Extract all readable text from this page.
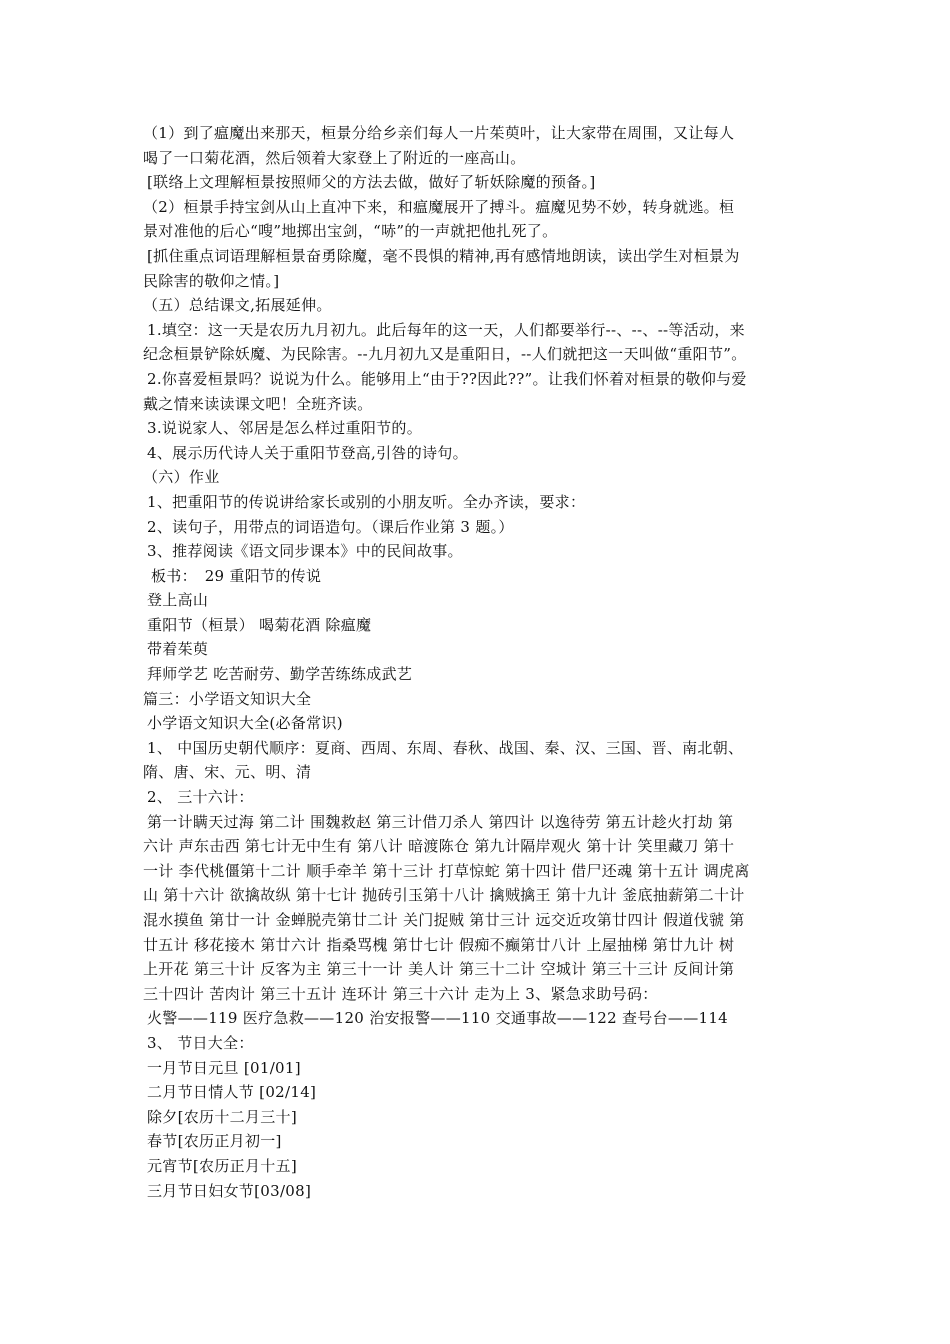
（1）到了瘟魔出来那天，桓景分给乡亲们每人一片茱萸叶，让大家带在周围，又让每人
喝了一口菊花酒，然后领着大家登上了附近的一座高山。
[联络上文理解桓景按照师父的方法去做，做好了斩妖除魔的预备。]
（2）桓景手持宝剑从山上直冲下来，和瘟魔展开了搏斗。瘟魔见势不妙，转身就逃。桓
景对准他的后心“嗖”地掷出宝剑，“哧”的一声就把他扎死了。
[抓住重点词语理解桓景奋勇除魔，毫不畏惧的精神,再有感情地朗读，读出学生对桓景为
民除害的敬仰之情。]
（五）总结课文,拓展延伸。
1.填空：这一天是农历九月初九。此后每年的这一天，人们都要举行--、--、--等活动，来
纪念桓景铲除妖魔、为民除害。--九月初九又是重阳日，--人们就把这一天叫做“重阳节”。
2.你喜爱桓景吗？说说为什么。能够用上“由于??因此??”。让我们怀着对桓景的敬仰与爱
戴之情来读读课文吧！全班齐读。
3.说说家人、邻居是怎么样过重阳节的。
4、展示历代诗人关于重阳节登高,引咎的诗句。
（六）作业
1、把重阳节的传说讲给家长或别的小朋友听。全办齐读，要求：
2、读句子，用带点的词语造句。（课后作业第 3 题。）
3、推荐阅读《语文同步课本》中的民间故事。
板书：　29 重阳节的传说
登上高山
重阳节（桓景） 喝菊花酒 除瘟魔
带着茱萸
拜师学艺 吃苦耐劳、勤学苦练练成武艺
篇三：小学语文知识大全
小学语文知识大全(必备常识)
1、 中国历史朝代顺序：夏商、西周、东周、春秋、战国、秦、汉、三国、晋、南北朝、
隋、唐、宋、元、明、清
2、 三十六计：
第一计瞒天过海 第二计 围魏救赵 第三计借刀杀人 第四计 以逸待劳 第五计趁火打劫 第
六计 声东击西 第七计无中生有 第八计 暗渡陈仓 第九计隔岸观火 第十计 笑里藏刀 第十
一计 李代桃僵第十二计 顺手牵羊 第十三计 打草惊蛇 第十四计 借尸还魂 第十五计 调虎离
山 第十六计 欲擒故纵 第十七计 抛砖引玉第十八计 擒贼擒王 第十九计 釜底抽薪第二十计
混水摸鱼 第廿一计 金蝉脱壳第廿二计 关门捉贼 第廿三计 远交近攻第廿四计 假道伐虢 第
廿五计 移花接木 第廿六计 指桑骂槐 第廿七计 假痴不癫第廿八计 上屋抽梯 第廿九计 树
上开花 第三十计 反客为主 第三十一计 美人计 第三十二计 空城计 第三十三计 反间计第
三十四计 苦肉计 第三十五计 连环计 第三十六计 走为上 3、紧急求助号码：
火警——119 医疗急救——120 治安报警——110 交通事故——122 查号台——114
3、 节日大全：
一月节日元旦 [01/01]
二月节日情人节 [02/14]
除夕[农历十二月三十]
春节[农历正月初一]
元宵节[农历正月十五]
三月节日妇女节[03/08]
